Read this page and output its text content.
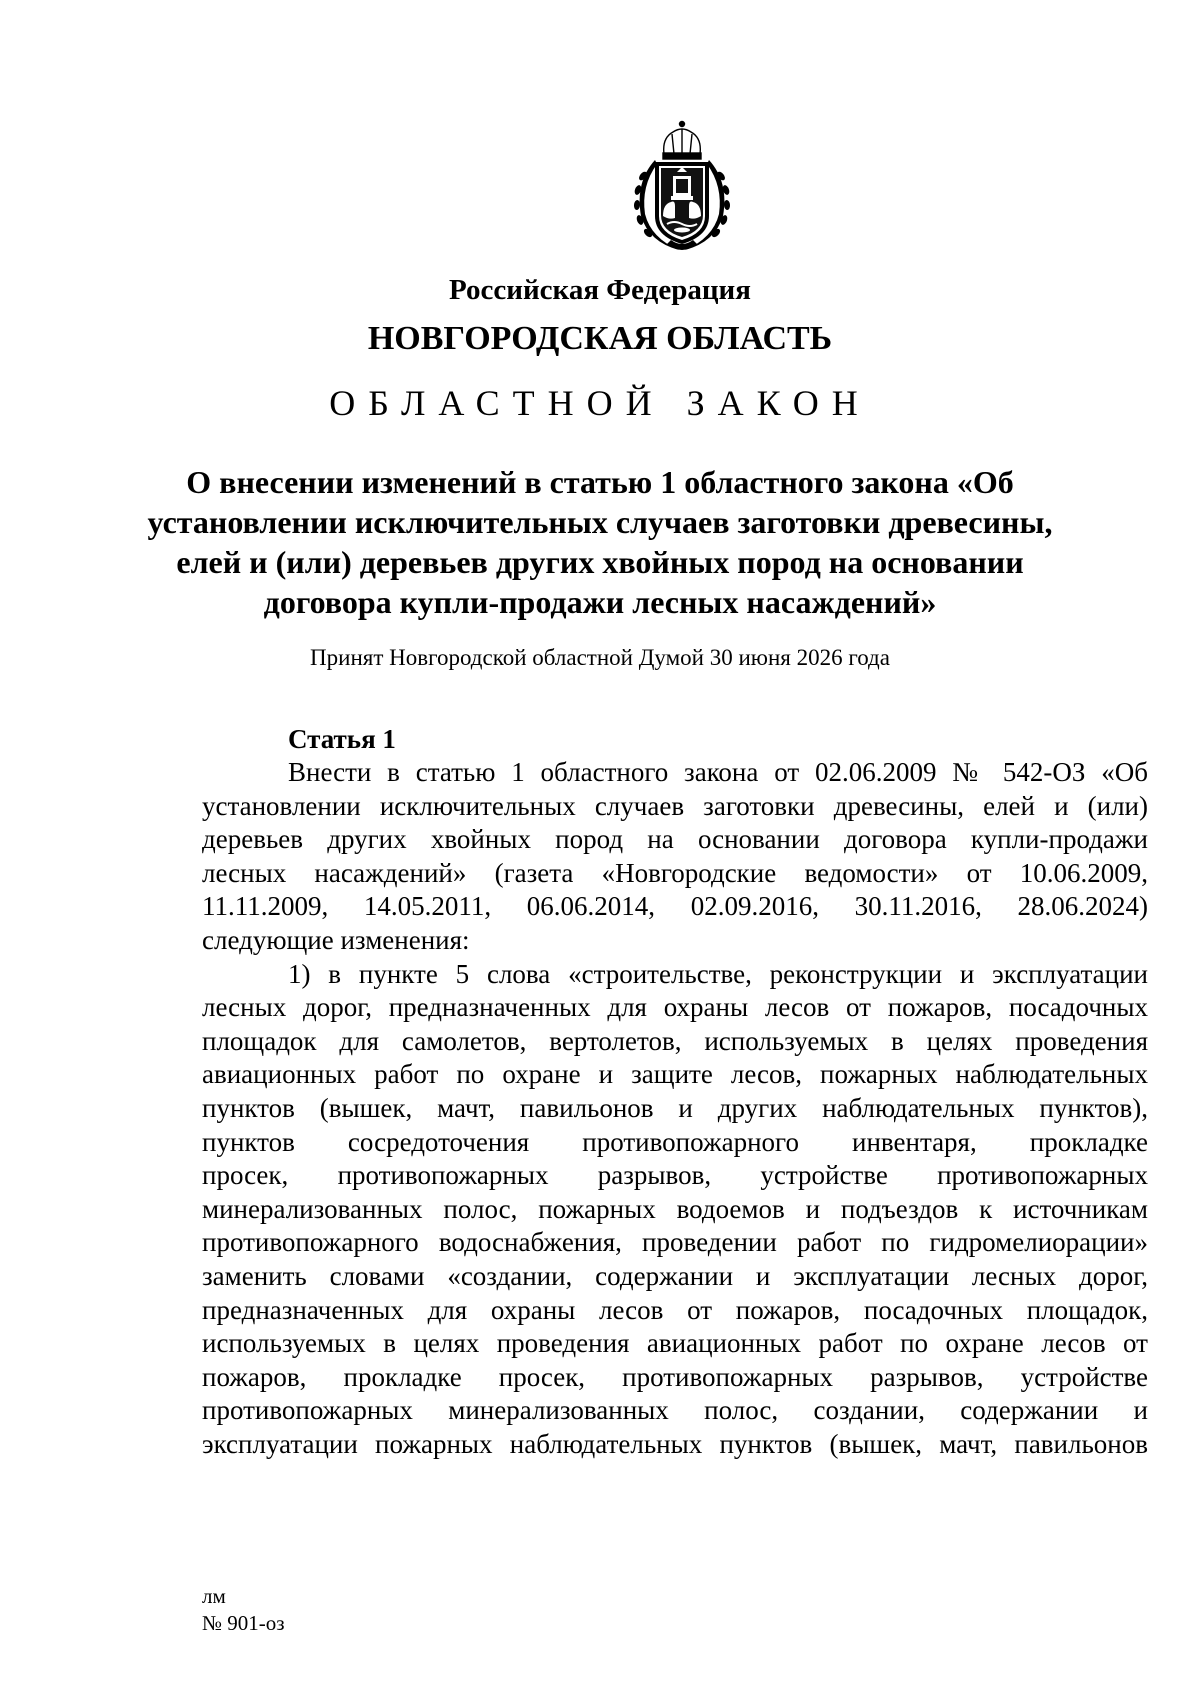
Российская Федерация
НОВГОРОДСКАЯ ОБЛАСТЬ
ОБЛАСТНОЙ ЗАКОН
О внесении изменений в статью 1 областного закона «Об
установлении исключительных случаев заготовки древесины,
елей и (или) деревьев других хвойных пород на основании
договора купли-продажи лесных насаждений»
Принят Новгородской областной Думой 30 июня 2026 года
Статья 1
Внести в статью 1 областного закона от 02.06.2009 № 542-ОЗ «Об
установлении исключительных случаев заготовки древесины, елей и (или)
деревьев других хвойных пород на основании договора купли-продажи
лесных насаждений» (газета «Новгородские ведомости» от 10.06.2009,
11.11.2009, 14.05.2011, 06.06.2014, 02.09.2016, 30.11.2016, 28.06.2024)
следующие изменения:
1) в пункте 5 слова «строительстве, реконструкции и эксплуатации
лесных дорог, предназначенных для охраны лесов от пожаров, посадочных
площадок для самолетов, вертолетов, используемых в целях проведения
авиационных работ по охране и защите лесов, пожарных наблюдательных
пунктов (вышек, мачт, павильонов и других наблюдательных пунктов),
пунктов сосредоточения противопожарного инвентаря, прокладке
просек, противопожарных разрывов, устройстве противопожарных
минерализованных полос, пожарных водоемов и подъездов к источникам
противопожарного водоснабжения, проведении работ по гидромелиорации»
заменить словами «создании, содержании и эксплуатации лесных дорог,
предназначенных для охраны лесов от пожаров, посадочных площадок,
используемых в целях проведения авиационных работ по охране лесов от
пожаров, прокладке просек, противопожарных разрывов, устройстве
противопожарных минерализованных полос, создании, содержании и
эксплуатации пожарных наблюдательных пунктов (вышек, мачт, павильонов
лм
№ 901-оз
